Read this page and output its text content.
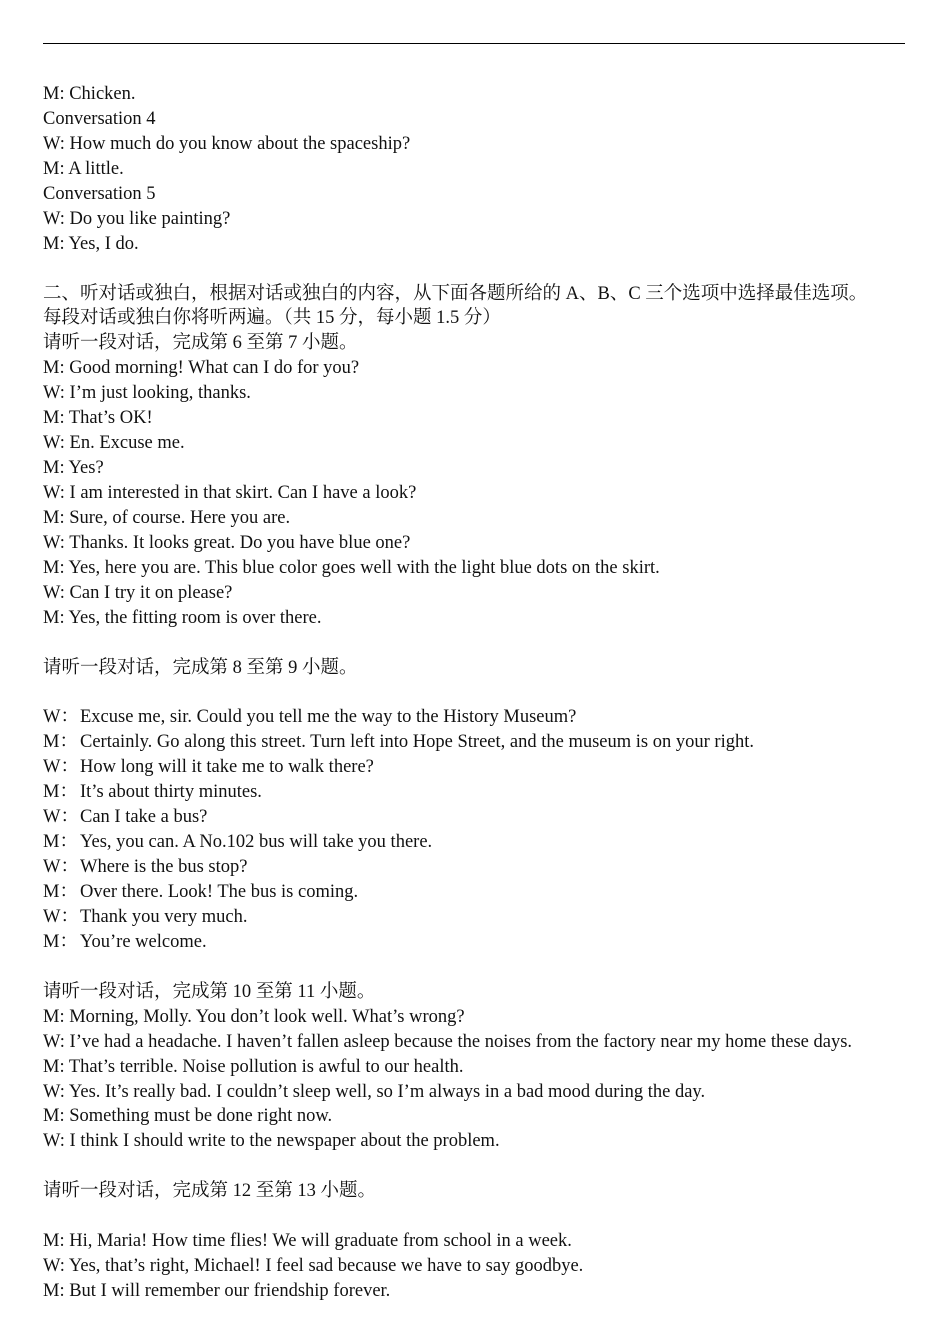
M: Chicken.
Conversation 4
W: How much do you know about the spaceship?
M: A little.
Conversation 5
W: Do you like painting?
M: Yes, I do.
二、听对话或独白，根据对话或独白的内容，从下面各题所给的 A、B、C 三个选项中选择最佳选项。
每段对话或独白你将听两遍。（共 15 分，每小题 1.5 分）
请听一段对话，完成第 6 至第 7 小题。
M: Good morning! What can I do for you?
W: I’m just looking, thanks.
M: That’s OK!
W: En. Excuse me.
M: Yes?
W: I am interested in that skirt. Can I have a look?
M: Sure, of course. Here you are.
W: Thanks. It looks great. Do you have blue one?
M: Yes, here you are. This blue color goes well with the light blue dots on the skirt.
W: Can I try it on please?
M: Yes, the fitting room is over there.
请听一段对话，完成第 8 至第 9 小题。
W：Excuse me, sir. Could you tell me the way to the History Museum?
M： Certainly. Go along this street. Turn left into Hope Street, and the museum is on your right.
W：How long will it take me to walk there?
M： It’s about thirty minutes.
W：Can I take a bus?
M： Yes, you can. A No.102 bus will take you there.
W：Where is the bus stop?
M： Over there. Look! The bus is coming.
W：Thank you very much.
M： You’re welcome.
请听一段对话，完成第 10 至第 11 小题。
M: Morning, Molly. You don’t look well. What’s wrong?
W: I’ve had a headache. I haven’t fallen asleep because the noises from the factory near my home these days.
M: That’s terrible. Noise pollution is awful to our health.
W: Yes. It’s really bad. I couldn’t sleep well, so I’m always in a bad mood during the day.
M: Something must be done right now.
W: I think I should write to the newspaper about the problem.
请听一段对话，完成第 12 至第 13 小题。
M: Hi, Maria! How time flies! We will graduate from school in a week.
W: Yes, that’s right, Michael! I feel sad because we have to say goodbye.
M: But I will remember our friendship forever.
